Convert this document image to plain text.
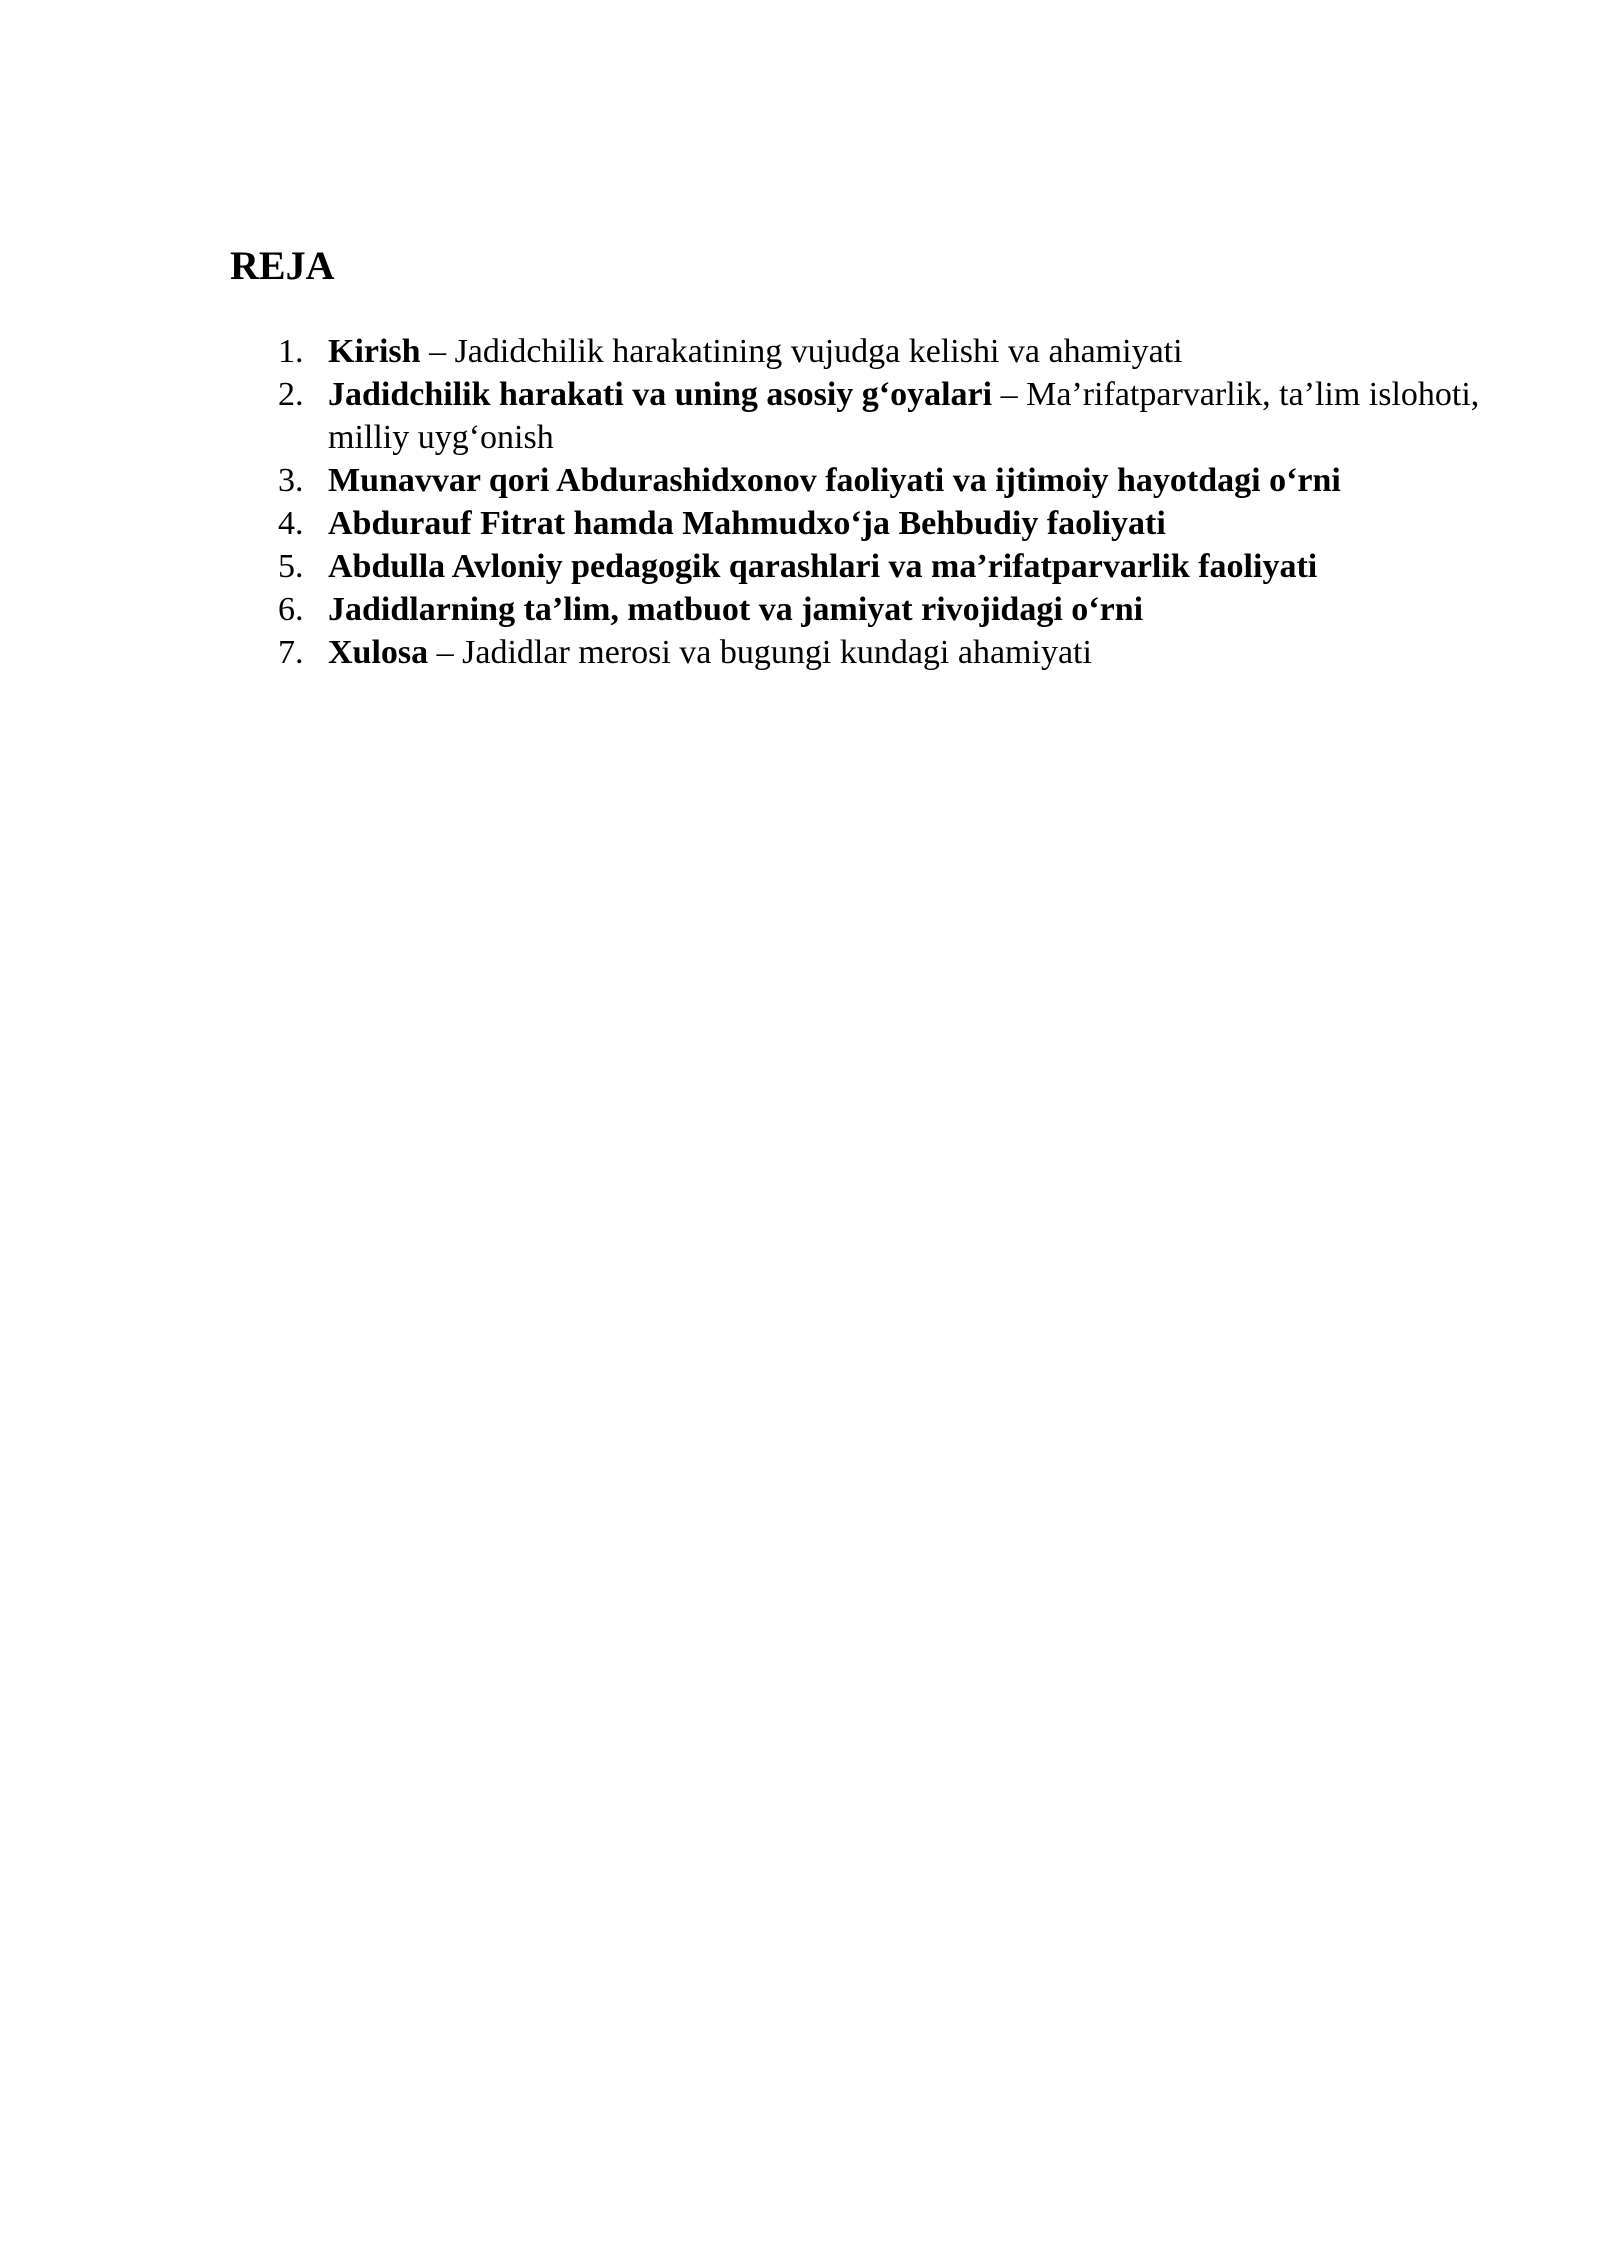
REJA
1. Kirish – Jadidchilik harakatining vujudga kelishi va ahamiyati
2. Jadidchilik harakati va uning asosiy g‘oyalari – Ma’rifatparvarlik, ta’lim islohoti, milliy uyg‘onish
3. Munavvar qori Abdurashidxonov faoliyati va ijtimoiy hayotdagi o‘rni
4. Abdurauf Fitrat hamda Mahmudxo‘ja Behbudiy faoliyati
5. Abdulla Avloniy pedagogik qarashlari va ma’rifatparvarlik faoliyati
6. Jadidlarning ta’lim, matbuot va jamiyat rivojidagi o‘rni
7. Xulosa – Jadidlar merosi va bugungi kundagi ahamiyati
